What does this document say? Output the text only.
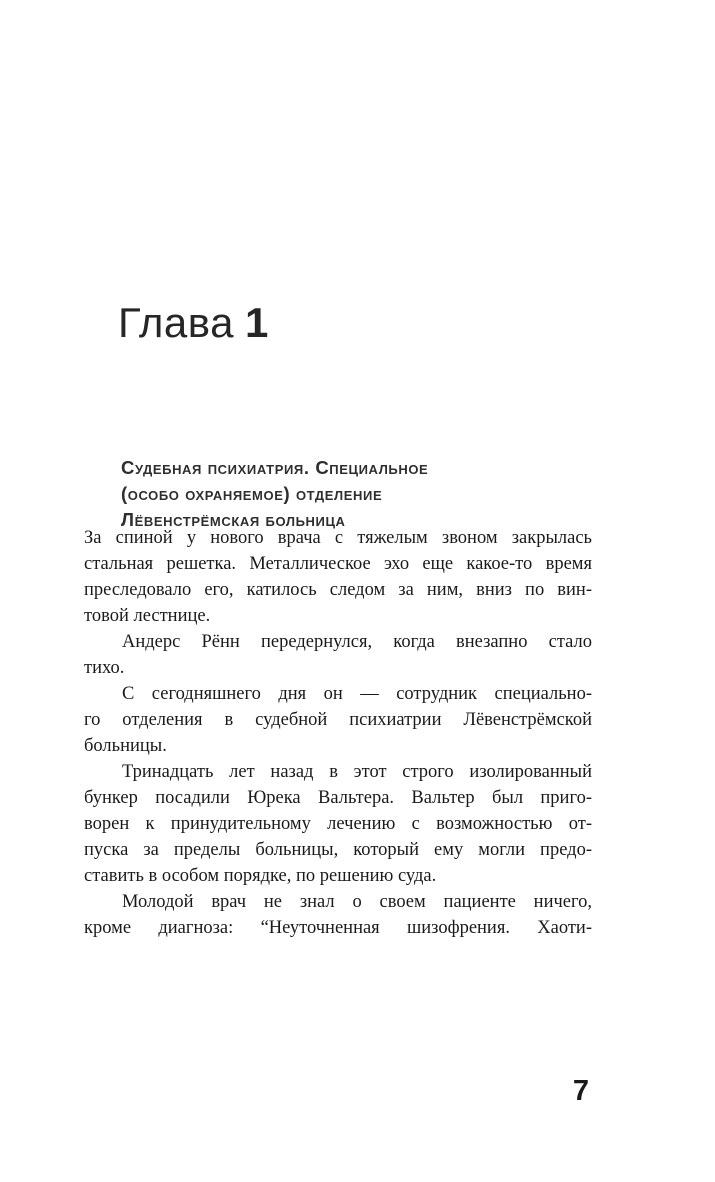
Глава 1
Судебная психиатрия. Специальное
(особо охраняемое) отделение
Лёвенстрёмская больница
За спиной у нового врача с тяжелым звоном закрылась
стальная решетка. Металлическое эхо еще какое-то время
преследовало его, катилось следом за ним, вниз по вин-
товой лестнице.
Андерс Рённ передернулся, когда внезапно стало
тихо.
С сегодняшнего дня он — сотрудник специально-
го отделения в судебной психиатрии Лёвенстрёмской
больницы.
Тринадцать лет назад в этот строго изолированный
бункер посадили Юрека Вальтера. Вальтер был приго-
ворен к принудительному лечению с возможностью от-
пуска за пределы больницы, который ему могли предо-
ставить в особом порядке, по решению суда.
Молодой врач не знал о своем пациенте ничего,
кроме диагноза: “Неуточненная шизофрения. Хаоти-
7
